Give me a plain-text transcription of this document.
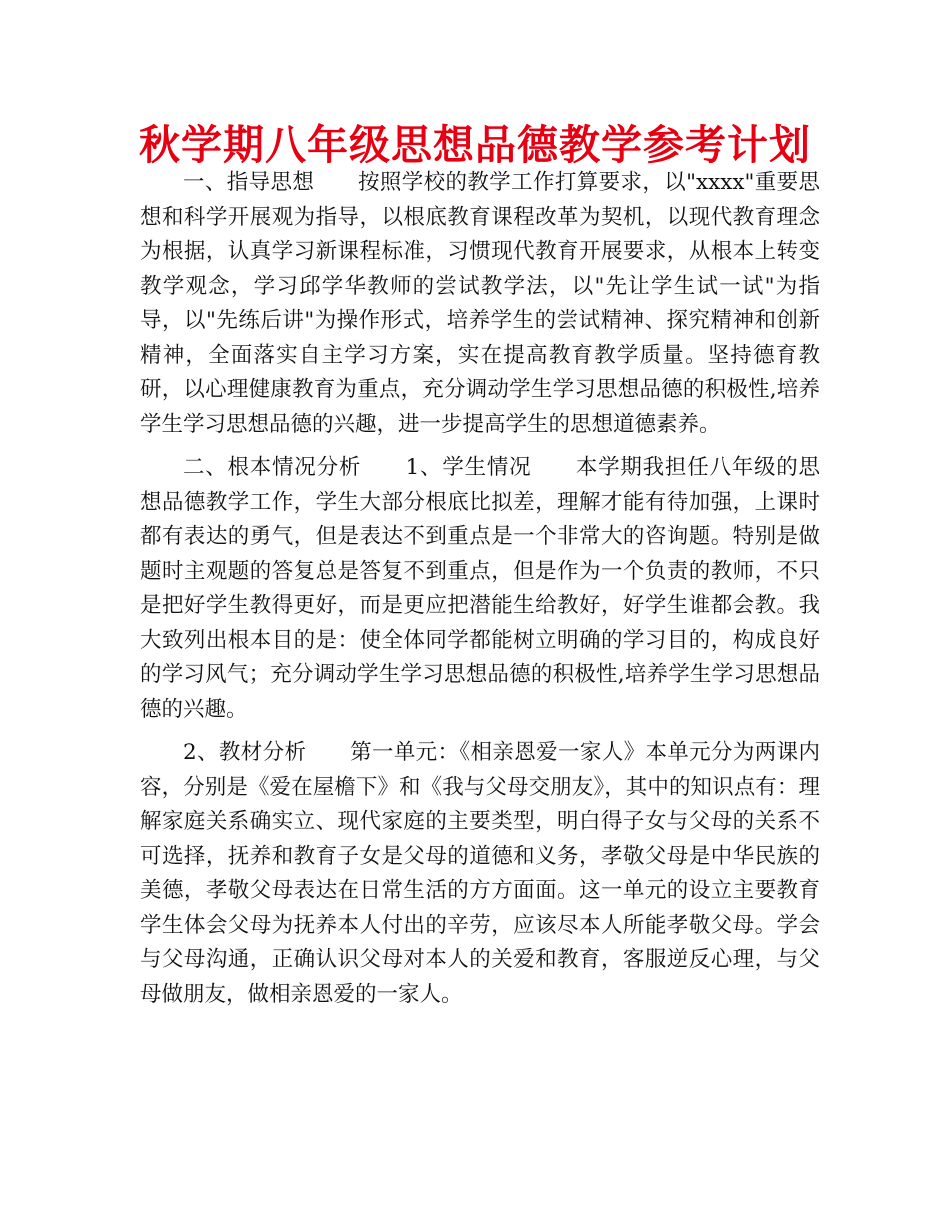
秋学期八年级思想品德教学参考计划

一、指导思想　　按照学校的教学工作打算要求，以"xxxx"重要思想和科学开展观为指导，以根底教育课程改革为契机，以现代教育理念为根据，认真学习新课程标准，习惯现代教育开展要求，从根本上转变教学观念，学习邱学华教师的尝试教学法，以"先让学生试一试"为指导，以"先练后讲"为操作形式，培养学生的尝试精神、探究精神和创新精神，全面落实自主学习方案，实在提高教育教学质量。坚持德育教研，以心理健康教育为重点，充分调动学生学习思想品德的积极性,培养学生学习思想品德的兴趣，进一步提高学生的思想道德素养。

二、根本情况分析　　1、学生情况　　本学期我担任八年级的思想品德教学工作，学生大部分根底比拟差，理解才能有待加强，上课时都有表达的勇气，但是表达不到重点是一个非常大的咨询题。特别是做题时主观题的答复总是答复不到重点，但是作为一个负责的教师，不只是把好学生教得更好，而是更应把潜能生给教好，好学生谁都会教。我大致列出根本目的是：使全体同学都能树立明确的学习目的，构成良好的学习风气；充分调动学生学习思想品德的积极性,培养学生学习思想品德的兴趣。

2、教材分析　　第一单元：《相亲恩爱一家人》本单元分为两课内容，分别是《爱在屋檐下》和《我与父母交朋友》，其中的知识点有：理解家庭关系确实立、现代家庭的主要类型，明白得子女与父母的关系不可选择，抚养和教育子女是父母的道德和义务，孝敬父母是中华民族的美德，孝敬父母表达在日常生活的方方面面。这一单元的设立主要教育学生体会父母为抚养本人付出的辛劳，应该尽本人所能孝敬父母。学会与父母沟通，正确认识父母对本人的关爱和教育，客服逆反心理，与父母做朋友，做相亲恩爱的一家人。
